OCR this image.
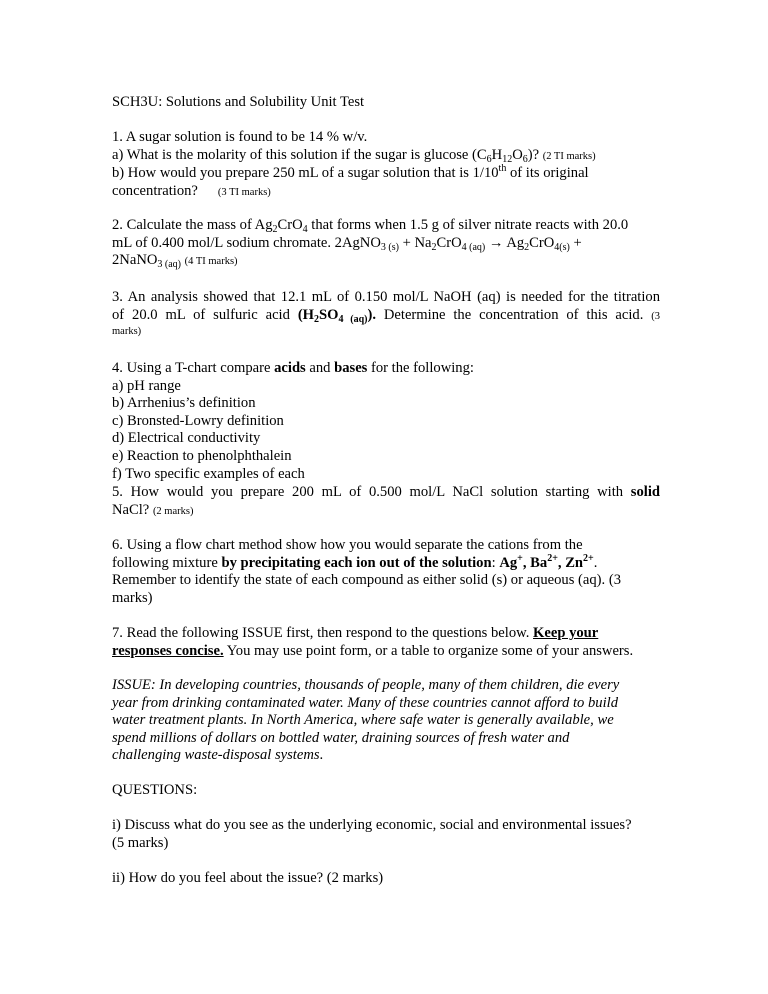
SCH3U: Solutions and Solubility Unit Test

1. A sugar solution is found to be 14 % w/v.

a) What is the molarity of this solution if the sugar is glucose $(C_6H_{12}O_6)$? (2 TI marks)

b) How would you prepare 250 mL of a sugar solution that is 1/10th of its original

concentration? (3 TI marks)

2. Calculate the mass of $Ag_2CrO_4$ that forms when 1.5 g of silver nitrate reacts with 20.0

mL of 0.400 mol/L sodium chromate. 2AgNO$_{3 (s)}$ + $Na_2CrO_{4 (aq)} \to Ag_2CrO_{4(s)}$ +

2NaNO$_3$ $_{(aq)}$ (4 TI marks)

3. An analysis showed that 12.1 mL of 0.150 mol/L NaOH (aq) is needed for the titration

of 20.0 mL of sulfuric acid ($H_2SO_4$ $_{(aq)}$). Determine the concentration of this acid. (3

marks)

4. Using a T-chart compare acids and bases for the following:

a) pH range

b) Arrhenius’s definition

c) Bronsted-Lowry definition

d) Electrical conductivity

e) Reaction to phenolphthalein

f) Two specific examples of each

5. How would you prepare 200 mL of 0.500 mol/L NaCl solution starting with solid

NaCl? (2 marks)

6. Using a flow chart method show how you would separate the cations from the

following mixture by precipitating each ion out of the solution: Ag+, $Ba^{2+}$, $Zn^{2+}$.

Remember to identify the state of each compound as either solid (s) or aqueous (aq). (3

marks)

7. Read the following ISSUE first, then respond to the questions below. Keep your

responses concise. You may use point form, or a table to organize some of your answers.

ISSUE: In developing countries, thousands of people, many of them children, die every

year from drinking contaminated water. Many of these countries cannot afford to build

water treatment plants. In North America, where safe water is generally available, we

spend millions of dollars on bottled water, draining sources of fresh water and

challenging waste-disposal systems.

QUESTIONS:

i) Discuss what do you see as the underlying economic, social and environmental issues?

(5 marks)

ii) How do you feel about the issue? (2 marks)
